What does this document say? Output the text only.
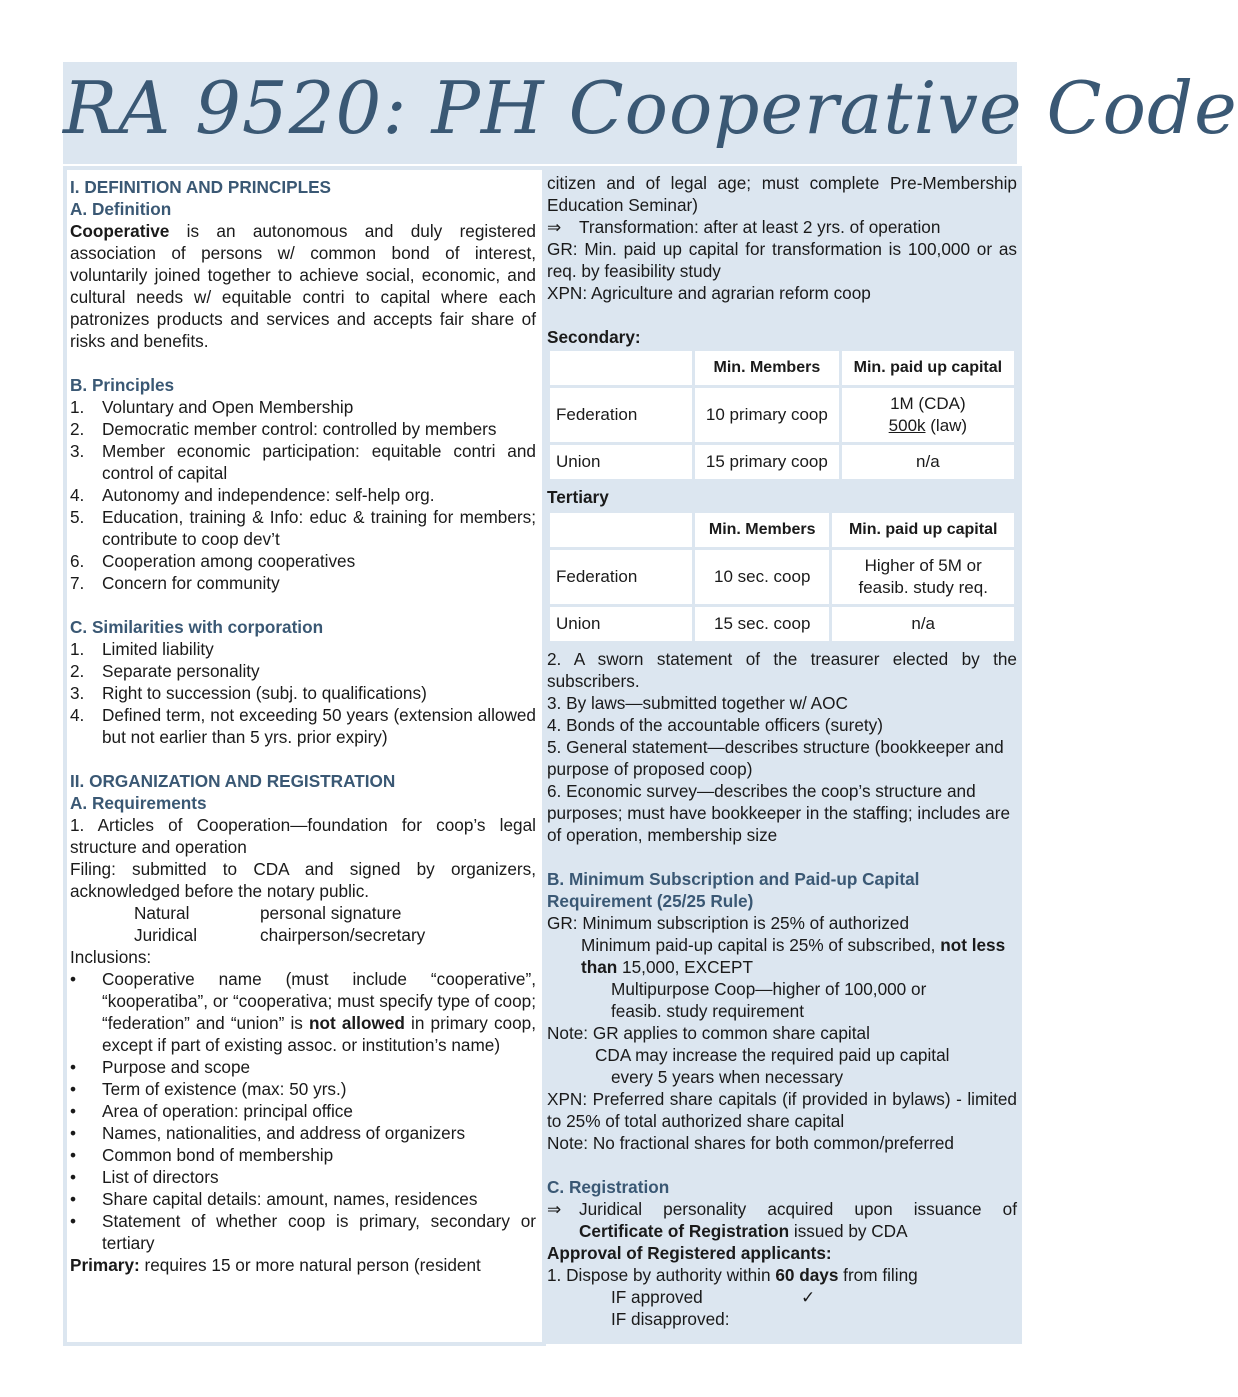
RA 9520: PH Cooperative Code
I. DEFINITION AND PRINCIPLES
A. Definition

Cooperative is an autonomous and duly registered association of persons w/ common bond of interest, voluntarily joined together to achieve social, economic, and cultural needs w/ equitable contri to capital where each patronizes products and services and accepts fair share of risks and benefits.

B. Principles
1. Voluntary and Open Membership
2. Democratic member control: controlled by members
3. Member economic participation: equitable contri and control of capital
4. Autonomy and independence: self-help org.
5. Education, training & Info: educ & training for members; contribute to coop dev’t
6. Cooperation among cooperatives
7. Concern for community
C. Similarities with corporation
1. Limited liability
2. Separate personality
3. Right to succession (subj. to qualifications)
4. Defined term, not exceeding 50 years (extension allowed but not earlier than 5 yrs. prior expiry)
II. ORGANIZATION AND REGISTRATION
A. Requirements

1. Articles of Cooperation—foundation for coop’s legal structure and operation

Filing: submitted to CDA and signed by organizers, acknowledged before the notary public.

Natural	personal signature
Juridical	chairperson/secretary
Inclusions:
• Cooperative name (must include “cooperative”, “kooperatiba”, or “cooperativa; must specify type of coop; “federation” and “union” is not allowed in primary coop, except if part of existing assoc. or institution’s name)
• Purpose and scope
• Term of existence (max: 50 yrs.)
• Area of operation: principal office
• Names, nationalities, and address of organizers
• Common bond of membership
• List of directors
• Share capital details: amount, names, residences
• Statement of whether coop is primary, secondary or tertiary

Primary: requires 15 or more natural person (resident

citizen and of legal age; must complete Pre-Membership Education Seminar)

⇒ Transformation: after at least 2 yrs. of operation

GR: Min. paid up capital for transformation is 100,000 or as req. by feasibility study

XPN: Agriculture and agrarian reform coop

Secondary:
	Min. Members	Min. paid up capital
Federation	10 primary coop	1M (CDA)
500k (law)

Union	15 primary coop	n/a
Tertiary
	Min. Members	Min. paid up capital
Federation	10 sec. coop	Higher of 5M or
feasib. study req.

Union	15 sec. coop	n/a

2. A sworn statement of the treasurer elected by the subscribers.

3. By laws—submitted together w/ AOC

4. Bonds of the accountable officers (surety)

5. General statement—describes structure (bookkeeper and purpose of proposed coop)

6. Economic survey—describes the coop’s structure and purposes; must have bookkeeper in the staffing; includes are of operation, membership size

B. Minimum Subscription and Paid-up Capital Requirement (25/25 Rule)

GR: Minimum subscription is 25% of authorized

Minimum paid-up capital is 25% of subscribed, not less than 15,000, EXCEPT

Multipurpose Coop—higher of 100,000 or

feasib. study requirement

Note: GR applies to common share capital

CDA may increase the required paid up capital

every 5 years when necessary

XPN: Preferred share capitals (if provided in bylaws) - limited to 25% of total authorized share capital

Note: No fractional shares for both common/preferred

C. Registration
⇒ Juridical personality acquired upon issuance of Certificate of Registration issued by CDA
Approval of Registered applicants:

1. Dispose by authority within 60 days from filing

IF approved	✓
IF disapproved:
